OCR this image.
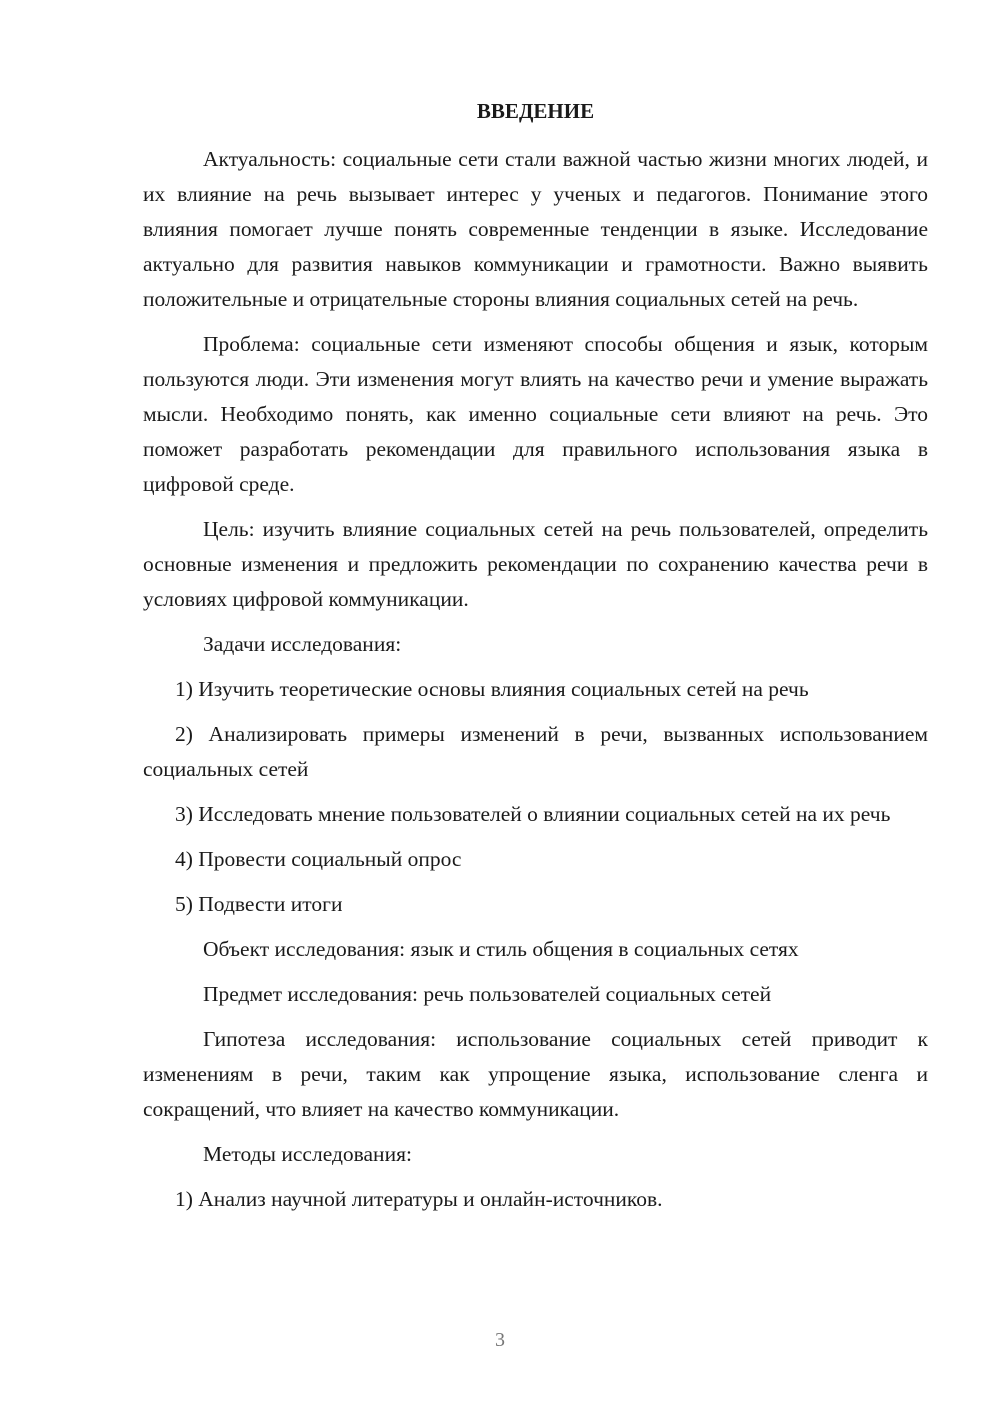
ВВЕДЕНИЕ

Актуальность: социальные сети стали важной частью жизни многих людей, и их влияние на речь вызывает интерес у ученых и педагогов. Понимание этого влияния помогает лучше понять современные тенденции в языке. Исследование актуально для развития навыков коммуникации и грамотности. Важно выявить положительные и отрицательные стороны влияния социальных сетей на речь.

Проблема: социальные сети изменяют способы общения и язык, которым пользуются люди. Эти изменения могут влиять на качество речи и умение выражать мысли. Необходимо понять, как именно социальные сети влияют на речь. Это поможет разработать рекомендации для правильного использования языка в цифровой среде.

Цель: изучить влияние социальных сетей на речь пользователей, определить основные изменения и предложить рекомендации по сохранению качества речи в условиях цифровой коммуникации.

Задачи исследования:

1) Изучить теоретические основы влияния социальных сетей на речь

2) Анализировать примеры изменений в речи, вызванных использованием социальных сетей

3) Исследовать мнение пользователей о влиянии социальных сетей на их речь

4) Провести социальный опрос

5) Подвести итоги

Объект исследования: язык и стиль общения в социальных сетях

Предмет исследования: речь пользователей социальных сетей

Гипотеза исследования: использование социальных сетей приводит к изменениям в речи, таким как упрощение языка, использование сленга и сокращений, что влияет на качество коммуникации.

Методы исследования:

1) Анализ научной литературы и онлайн-источников.

3
